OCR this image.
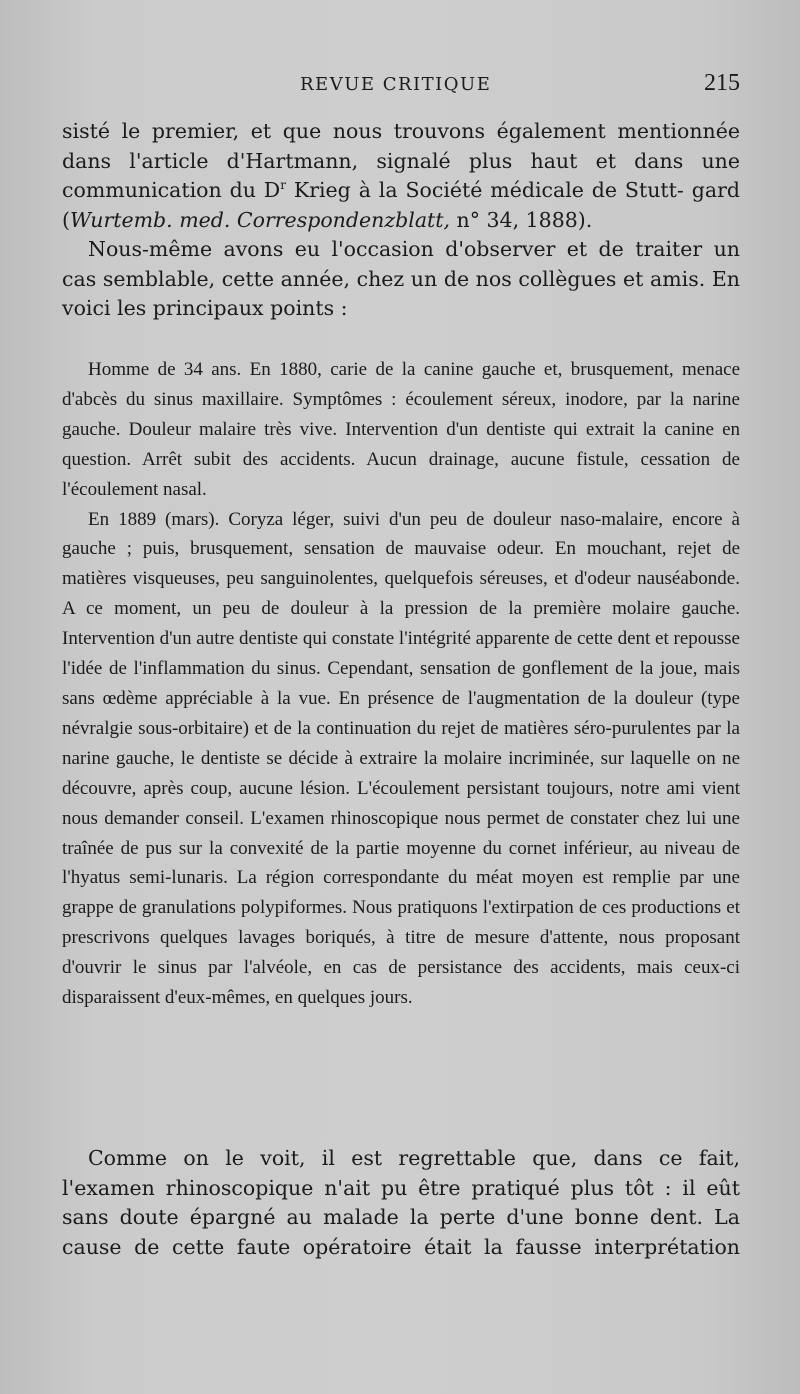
REVUE CRITIQUE	215

sisté le premier, et que nous trouvons également mentionnée dans l'article d'Hartmann, signalé plus haut et dans une communication du $D^r$ Krieg à la Société médicale de Stutt- gard (Wurtemb. med. Correspondenzblatt, n° 34, 1888).

Nous-même avons eu l'occasion d'observer et de traiter un cas semblable, cette année, chez un de nos collègues et amis. En voici les principaux points :

Homme de 34 ans. En 1880, carie de la canine gauche et, brusquement, menace d'abcès du sinus maxillaire. Symptômes : écoulement séreux, inodore, par la narine gauche. Douleur malaire très vive. Intervention d'un dentiste qui extrait la canine en question. Arrêt subit des accidents. Aucun drainage, aucune fistule, cessation de l'écoulement nasal.

En 1889 (mars). Coryza léger, suivi d'un peu de douleur naso-malaire, encore à gauche ; puis, brusquement, sensation de mauvaise odeur. En mouchant, rejet de matières visqueuses, peu sanguinolentes, quelquefois séreuses, et d'odeur nauséabonde. A ce moment, un peu de douleur à la pression de la première molaire gauche. Intervention d'un autre dentiste qui constate l'intégrité apparente de cette dent et repousse l'idée de l'inflammation du sinus. Cependant, sensation de gonflement de la joue, mais sans œdème appréciable à la vue. En présence de l'augmentation de la douleur (type névralgie sous-orbitaire) et de la continuation du rejet de matières séro-purulentes par la narine gauche, le dentiste se décide à extraire la molaire incriminée, sur laquelle on ne découvre, après coup, aucune lésion. L'écoulement persistant toujours, notre ami vient nous demander conseil. L'examen rhinoscopique nous permet de constater chez lui une traînée de pus sur la convexité de la partie moyenne du cornet inférieur, au niveau de l'hyatus semi-lunaris. La région correspondante du méat moyen est remplie par une grappe de granulations polypiformes. Nous pratiquons l'extirpation de ces productions et prescrivons quelques lavages boriqués, à titre de mesure d'attente, nous proposant d'ouvrir le sinus par l'alvéole, en cas de persistance des accidents, mais ceux-ci disparaissent d'eux-mêmes, en quelques jours.

Comme on le voit, il est regrettable que, dans ce fait, l'examen rhinoscopique n'ait pu être pratiqué plus tôt : il eût sans doute épargné au malade la perte d'une bonne dent. La cause de cette faute opératoire était la fausse interprétation
